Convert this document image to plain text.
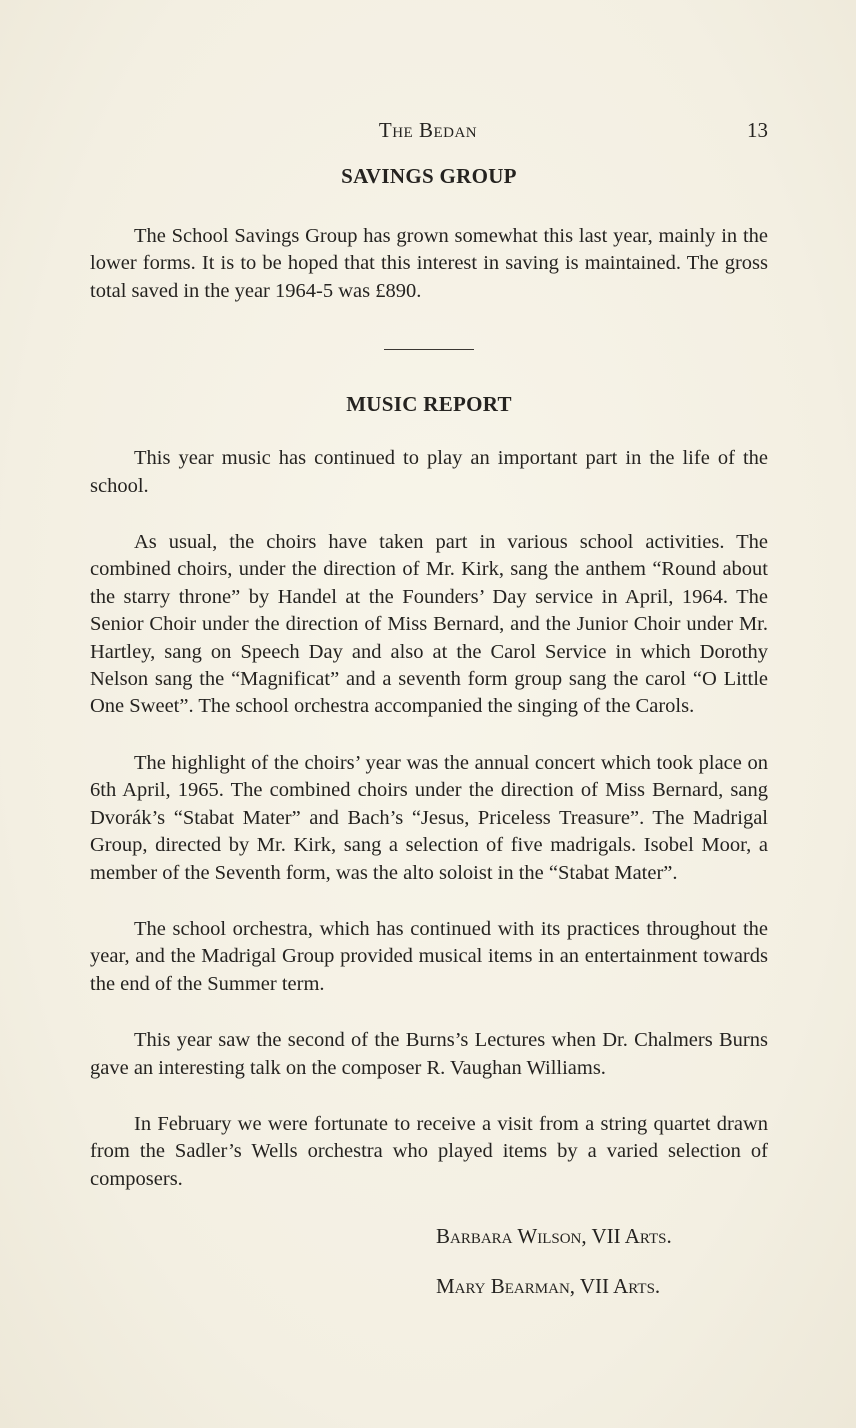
The Bedan	13
SAVINGS GROUP

The School Savings Group has grown somewhat this last year, mainly in the lower forms. It is to be hoped that this interest in saving is maintained. The gross total saved in the year 1964-5 was £890.

MUSIC REPORT

This year music has continued to play an important part in the life of the school.

As usual, the choirs have taken part in various school activities. The combined choirs, under the direction of Mr. Kirk, sang the anthem “Round about the starry throne” by Handel at the Founders’ Day service in April, 1964. The Senior Choir under the direction of Miss Bernard, and the Junior Choir under Mr. Hartley, sang on Speech Day and also at the Carol Service in which Dorothy Nelson sang the “Magnificat” and a seventh form group sang the carol “O Little One Sweet”. The school orchestra accompanied the singing of the Carols.

The highlight of the choirs’ year was the annual concert which took place on 6th April, 1965. The combined choirs under the direction of Miss Bernard, sang Dvorák’s “Stabat Mater” and Bach’s “Jesus, Priceless Treasure”. The Madrigal Group, directed by Mr. Kirk, sang a selection of five madrigals. Isobel Moor, a member of the Seventh form, was the alto soloist in the “Stabat Mater”.

The school orchestra, which has continued with its practices throughout the year, and the Madrigal Group provided musical items in an entertainment towards the end of the Summer term.

This year saw the second of the Burns’s Lectures when Dr. Chalmers Burns gave an interesting talk on the composer R. Vaughan Williams.

In February we were fortunate to receive a visit from a string quartet drawn from the Sadler’s Wells orchestra who played items by a varied selection of composers.

Barbara Wilson, VII Arts.
Mary Bearman, VII Arts.
